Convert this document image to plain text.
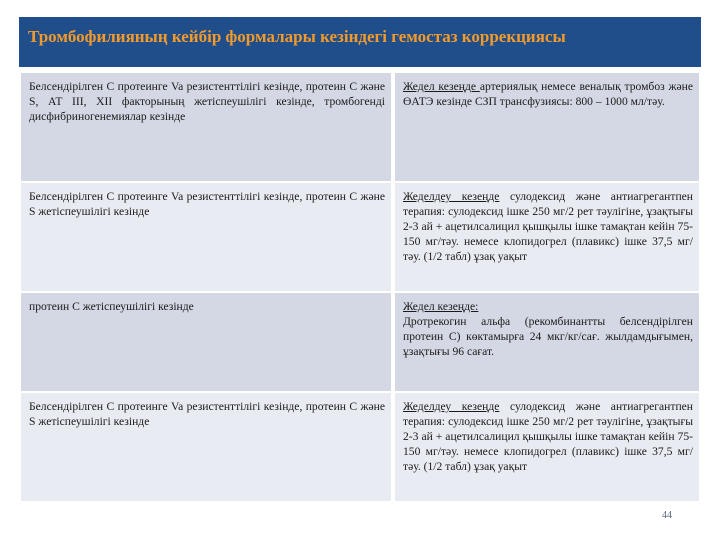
Тромбофилияның кейбір формалары кезіндегі гемостаз коррекциясы
Белсендірілген С протеинге Va резистенттілігі кезінде, протеин С және S, АТ III, XII факторының жетіспеушілігі кезінде, тромбогенді дисфибриногенемиялар кезінде	Жедел кезеңде артериялық немесе веналық тромбоз және ӨАТЭ кезінде СЗП трансфузиясы: 800 – 1000 мл/тәу.
Белсендірілген С протеинге Va резистенттілігі кезінде, протеин С және S жетіспеушілігі кезінде	Жеделдеу кезеңде сулодексид және антиагрегантпен терапия: сулодексид ішке 250 мг/2 рет тәулігіне, ұзақтығы 2-3 ай + ацетилсалицил қышқылы ішке тамақтан кейін 75-150 мг/тәу. немесе клопидогрел (плавикс) ішке 37,5 мг/тәу. (1/2 табл) ұзақ уақыт
протеин С жетіспеушілігі кезінде	Жедел кезеңде:
Дротрекогин альфа (рекомбинантты белсендірілген протеин С) көктамырға 24 мкг/кг/сағ. жылдамдығымен, ұзақтығы 96 сағат.
Белсендірілген С протеинге Va резистенттілігі кезінде, протеин С және S жетіспеушілігі кезінде	Жеделдеу кезеңде сулодексид және антиагрегантпен терапия: сулодексид ішке 250 мг/2 рет тәулігіне, ұзақтығы 2-3 ай + ацетилсалицил қышқылы ішке тамақтан кейін 75-150 мг/тәу. немесе клопидогрел (плавикс) ішке 37,5 мг/тәу. (1/2 табл) ұзақ уақыт
44
